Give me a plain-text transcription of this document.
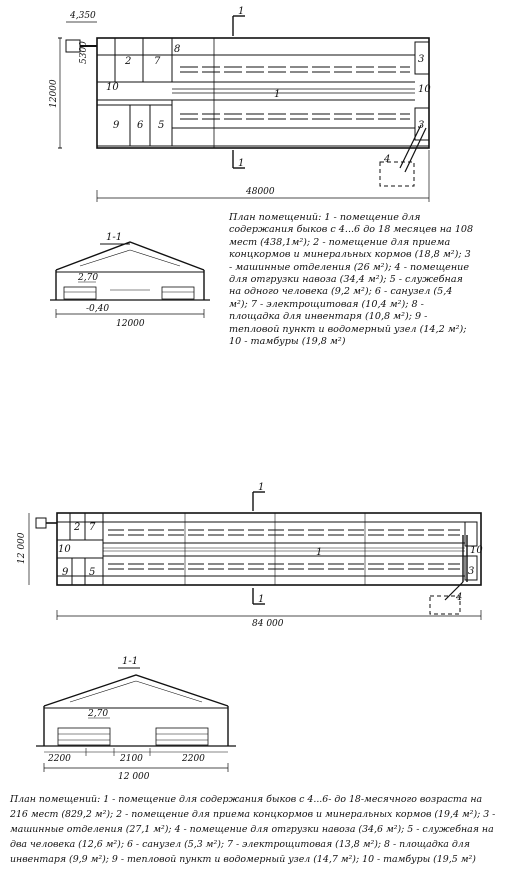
4,350
5300
12000
48000
1
1
2 7
8
10
9 6 5
1
3
3
10
4
1-1
2,70
-0,40
12000
12 000
84 000
1
1
2 7
10
9 5
1
3
10
4
1-1
2,70
2200	2100	2200
12 000

План помещений: 1 - помещение для содержания быков с 4...6 до 18 месяцев на 108 мест (438,1м²); 2 - помещение для приема концкормов и минеральных кормов (18,8 м²); 3 - машинные отделения (26 м²); 4 - помещение для отгрузки навоза (34,4 м²); 5 - служебная на одного человека (9,2 м²); 6 - санузел (5,4 м²); 7 - электрощитовая (10,4 м²); 8 - площадка для инвентаря (10,8 м²); 9 - тепловой пункт и водомерный узел (14,2 м²); 10 - тамбуры (19,8 м²)

План помещений: 1 - помещение для содержания быков с 4...6- до 18-месячного возраста на 216 мест (829,2 м²); 2 - помещение для приема концкормов и минеральных кормов (19,4 м²); 3 - машинные отделения (27,1 м²); 4 - помещение для отгрузки навоза (34,6 м²); 5 - служебная на два человека (12,6 м²); 6 - санузел (5,3 м²); 7 - электрощитовая (13,8 м²); 8 - площадка для инвентаря (9,9 м²); 9 - тепловой пункт и водомерный узел (14,7 м²); 10 - тамбуры (19,5 м²)
